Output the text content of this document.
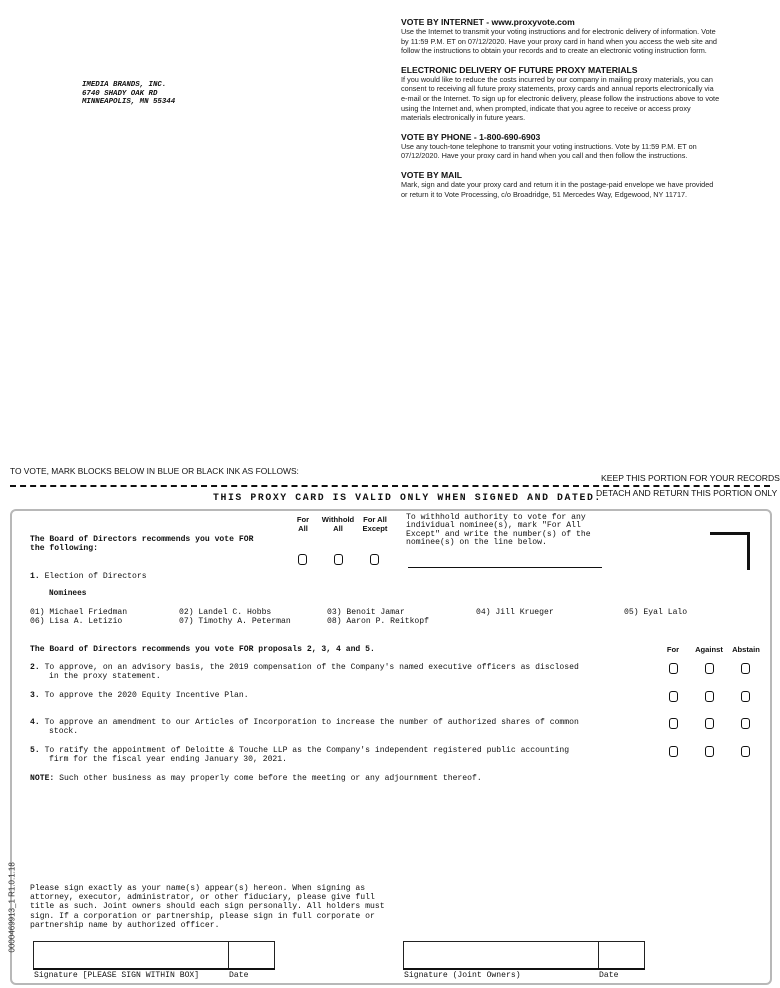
VOTE BY INTERNET - www.proxyvote.com
Use the Internet to transmit your voting instructions and for electronic delivery of information. Vote by 11:59 P.M. ET on 07/12/2020. Have your proxy card in hand when you access the web site and follow the instructions to obtain your records and to create an electronic voting instruction form.
ELECTRONIC DELIVERY OF FUTURE PROXY MATERIALS
If you would like to reduce the costs incurred by our company in mailing proxy materials, you can consent to receiving all future proxy statements, proxy cards and annual reports electronically via e-mail or the Internet. To sign up for electronic delivery, please follow the instructions above to vote using the Internet and, when prompted, indicate that you agree to receive or access proxy materials electronically in future years.
VOTE BY PHONE - 1-800-690-6903
Use any touch-tone telephone to transmit your voting instructions. Vote by 11:59 P.M. ET on 07/12/2020. Have your proxy card in hand when you call and then follow the instructions.
VOTE BY MAIL
Mark, sign and date your proxy card and return it in the postage-paid envelope we have provided or return it to Vote Processing, c/o Broadridge, 51 Mercedes Way, Edgewood, NY 11717.
IMEDIA BRANDS, INC.
6740 SHADY OAK RD
MINNEAPOLIS, MN 55344
TO VOTE, MARK BLOCKS BELOW IN BLUE OR BLACK INK AS FOLLOWS:
KEEP THIS PORTION FOR YOUR RECORDS
DETACH AND RETURN THIS PORTION ONLY
THIS PROXY CARD IS VALID ONLY WHEN SIGNED AND DATED.
The Board of Directors recommends you vote FOR
the following:
For
All
Withhold
All
For All
Except
To withhold authority to vote for any
individual nominee(s), mark "For All
Except" and write the number(s) of the
nominee(s) on the line below.
1. Election of Directors
Nominees
01) Michael Friedman	02) Landel C. Hobbs	03) Benoit Jamar	04) Jill Krueger	05) Eyal Lalo
06) Lisa A. Letizio	07) Timothy A. Peterman	08) Aaron P. Reitkopf
The Board of Directors recommends you vote FOR proposals 2, 3, 4 and 5.	For	Against	Abstain
2. To approve, on an advisory basis, the 2019 compensation of the Company's named executive officers as disclosed
in the proxy statement.
3. To approve the 2020 Equity Incentive Plan.
4. To approve an amendment to our Articles of Incorporation to increase the number of authorized shares of common
stock.
5. To ratify the appointment of Deloitte & Touche LLP as the Company's independent registered public accounting
firm for the fiscal year ending January 30, 2021.
NOTE: Such other business as may properly come before the meeting or any adjournment thereof.
Please sign exactly as your name(s) appear(s) hereon. When signing as
attorney, executor, administrator, or other fiduciary, please give full
title as such. Joint owners should each sign personally. All holders must
sign. If a corporation or partnership, please sign in full corporate or
partnership name by authorized officer.
Signature [PLEASE SIGN WITHIN BOX]	Date	Signature (Joint Owners)	Date
0000469913_1 R1.0.1.18
